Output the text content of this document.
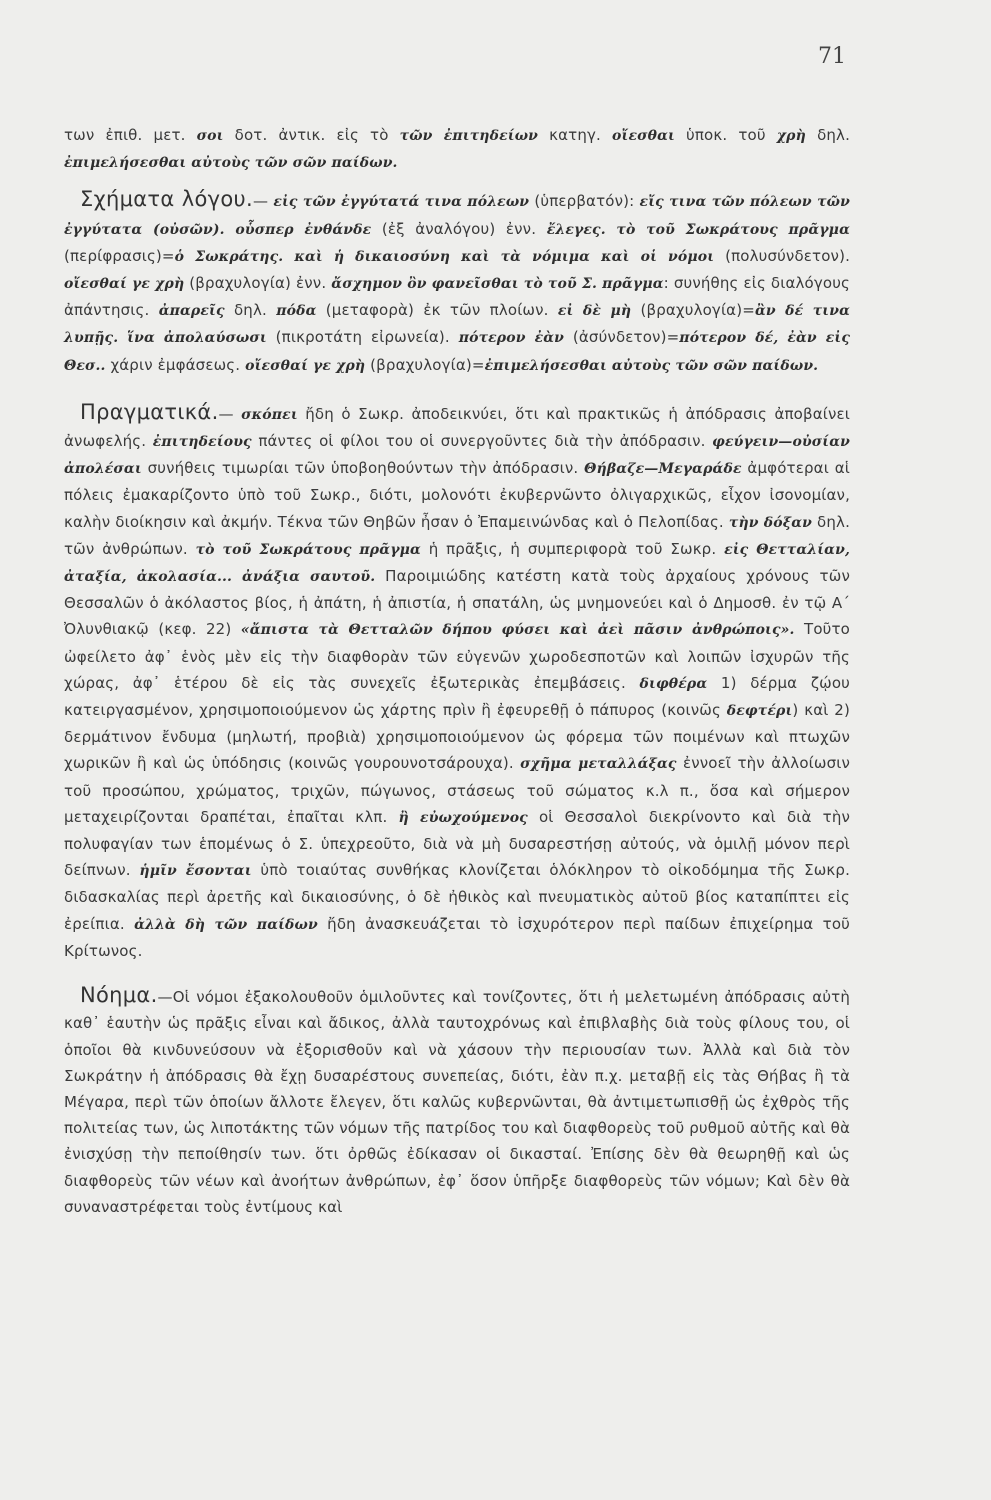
71

των ἐπιθ. μετ. σοι δοτ. ἀντικ. εἰς τὸ τῶν ἐπιτηδείων κατηγ. οἴεσθαι ὑποκ. τοῦ χρὴ δηλ. ἐπιμελήσεσθαι αὐτοὺς τῶν σῶν παίδων.

Σχήματα λόγου.— εἰς τῶν ἐγγύτατά τινα πόλεων (ὑπερβατόν): εἴς τινα τῶν πόλεων τῶν ἐγγύτατα (οὐσῶν). οὗσπερ ἐνθάνδε (ἐξ ἀναλόγου) ἐνν. ἔλεγες. τὸ τοῦ Σωκράτους πρᾶγμα (περίφρασις)=ὁ Σωκράτης. καὶ ἡ δικαιοσύνη καὶ τὰ νόμιμα καὶ οἱ νόμοι (πολυσύνδετον). οἴεσθαί γε χρὴ (βραχυλογία) ἐνν. ἄσχημον ὂν φανεῖσθαι τὸ τοῦ Σ. πρᾶγμα: συνήθης εἰς διαλόγους ἀπάντησις. ἀπαρεῖς δηλ. πόδα (μεταφορὰ) ἐκ τῶν πλοίων. εἰ δὲ μὴ (βραχυλογία)=ἂν δέ τινα λυπῇς. ἵνα ἀπολαύσωσι (πικροτάτη εἰρωνεία). πότερον ἐὰν (ἀσύνδετον)=πότερον δέ, ἐὰν εἰς Θεσ.. χάριν ἐμφάσεως. οἴεσθαί γε χρὴ (βραχυλογία)=ἐπιμελήσεσθαι αὐτοὺς τῶν σῶν παίδων.

Πραγματικά.— σκόπει ἤδη ὁ Σωκρ. ἀποδεικνύει, ὅτι καὶ πρακτικῶς ἡ ἀπόδρασις ἀποβαίνει ἀνωφελής. ἐπιτηδείους πάντες οἱ φίλοι του οἱ συνεργοῦντες διὰ τὴν ἀπόδρασιν. φεύγειν—οὐσίαν ἀπολέσαι συνήθεις τιμωρίαι τῶν ὑποβοηθούντων τὴν ἀπόδρασιν. Θήβαζε—Μεγαράδε ἀμφότεραι αἱ πόλεις ἐμακαρίζοντο ὑπὸ τοῦ Σωκρ., διότι, μολονότι ἐκυβερνῶντο ὀλιγαρχικῶς, εἶχον ἰσονομίαν, καλὴν διοίκησιν καὶ ἀκμήν. Τέκνα τῶν Θηβῶν ἦσαν ὁ Ἐπαμεινώνδας καὶ ὁ Πελοπίδας. τὴν δόξαν δηλ. τῶν ἀνθρώπων. τὸ τοῦ Σωκράτους πρᾶγμα ἡ πρᾶξις, ἡ συμπεριφορὰ τοῦ Σωκρ. εἰς Θετταλίαν, ἀταξία, ἀκολασία... ἀνάξια σαυτοῦ. Παροιμιώδης κατέστη κατὰ τοὺς ἀρχαίους χρόνους τῶν Θεσσαλῶν ὁ ἀκόλαστος βίος, ἡ ἀπάτη, ἡ ἀπιστία, ἡ σπατάλη, ὡς μνημονεύει καὶ ὁ Δημοσθ. ἐν τῷ Α΄ Ὀλυνθιακῷ (κεφ. 22) «ἄπιστα τὰ Θετταλῶν δήπου φύσει καὶ ἀεὶ πᾶσιν ἀνθρώποις». Τοῦτο ὠφείλετο ἀφ᾽ ἑνὸς μὲν εἰς τὴν διαφθορὰν τῶν εὐγενῶν χωροδεσποτῶν καὶ λοιπῶν ἰσχυρῶν τῆς χώρας, ἀφ᾽ ἑτέρου δὲ εἰς τὰς συνεχεῖς ἐξωτερικὰς ἐπεμβάσεις. διφθέρα 1) δέρμα ζῴου κατειργασμένον, χρησιμοποιούμενον ὡς χάρτης πρὶν ἢ ἐφευρεθῇ ὁ πάπυρος (κοινῶς δεφτέρι) καὶ 2) δερμάτινον ἔνδυμα (μηλωτή, προβιὰ) χρησιμοποιούμενον ὡς φόρεμα τῶν ποιμένων καὶ πτωχῶν χωρικῶν ἢ καὶ ὡς ὑπόδησις (κοινῶς γουρουνοτσάρουχα). σχῆμα μεταλλάξας ἐννοεῖ τὴν ἀλλοίωσιν τοῦ προσώπου, χρώματος, τριχῶν, πώγωνος, στάσεως τοῦ σώματος κ.λ π., ὅσα καὶ σήμερον μεταχειρίζονται δραπέται, ἐπαῖται κλπ. ἢ εὐωχούμενος οἱ Θεσσαλοὶ διεκρίνοντο καὶ διὰ τὴν πολυφαγίαν των ἑπομένως ὁ Σ. ὑπεχρεοῦτο, διὰ νὰ μὴ δυσαρεστήσῃ αὐτούς, νὰ ὁμιλῇ μόνον περὶ δείπνων. ἡμῖν ἔσονται ὑπὸ τοιαύτας συνθήκας κλονίζεται ὁλόκληρον τὸ οἰκοδόμημα τῆς Σωκρ. διδασκαλίας περὶ ἀρετῆς καὶ δικαιοσύνης, ὁ δὲ ἠθικὸς καὶ πνευματικὸς αὐτοῦ βίος καταπίπτει εἰς ἐρείπια. ἀλλὰ δὴ τῶν παίδων ἤδη ἀνασκευάζεται τὸ ἰσχυρότερον περὶ παίδων ἐπιχείρημα τοῦ Κρίτωνος.

Νόημα.—Οἱ νόμοι ἐξακολουθοῦν ὁμιλοῦντες καὶ τονίζοντες, ὅτι ἡ μελετωμένη ἀπόδρασις αὐτὴ καθ᾽ ἑαυτὴν ὡς πρᾶξις εἶναι καὶ ἄδικος, ἀλλὰ ταυτοχρόνως καὶ ἐπιβλαβὴς διὰ τοὺς φίλους του, οἱ ὁποῖοι θὰ κινδυνεύσουν νὰ ἐξορισθοῦν καὶ νὰ χάσουν τὴν περιουσίαν των. Ἀλλὰ καὶ διὰ τὸν Σωκράτην ἡ ἀπόδρασις θὰ ἔχῃ δυσαρέστους συνεπείας, διότι, ἐὰν π.χ. μεταβῇ εἰς τὰς Θήβας ἢ τὰ Μέγαρα, περὶ τῶν ὁποίων ἄλλοτε ἔλεγεν, ὅτι καλῶς κυβερνῶνται, θὰ ἀντιμετωπισθῇ ὡς ἐχθρὸς τῆς πολιτείας των, ὡς λιποτάκτης τῶν νόμων τῆς πατρίδος του καὶ διαφθορεὺς τοῦ ρυθμοῦ αὐτῆς καὶ θὰ ἐνισχύσῃ τὴν πεποίθησίν των. ὅτι ὀρθῶς ἐδίκασαν οἱ δικασταί. Ἐπίσης δὲν θὰ θεωρηθῇ καὶ ὡς διαφθορεὺς τῶν νέων καὶ ἀνοήτων ἀνθρώπων, ἐφ᾽ ὅσον ὑπῆρξε διαφθορεὺς τῶν νόμων; Καὶ δὲν θὰ συναναστρέφεται τοὺς ἐντίμους καὶ
